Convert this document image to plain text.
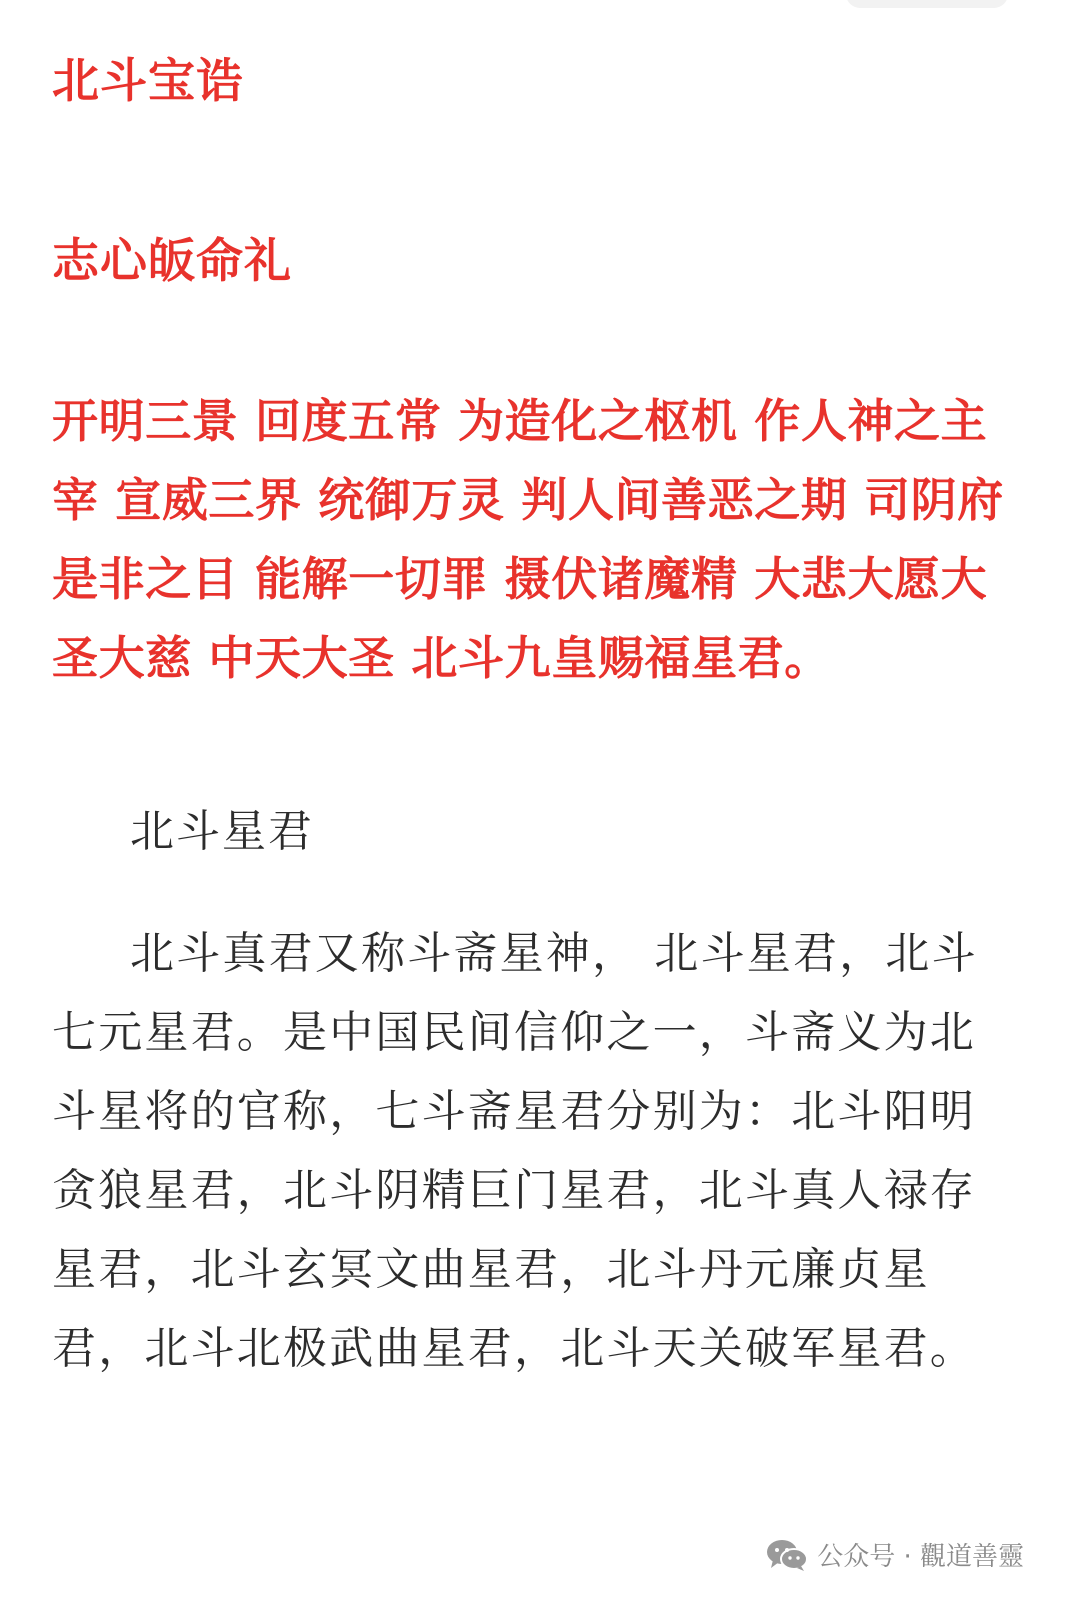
北斗宝诰

志心皈命礼

开明三景 回度五常 为造化之枢机 作人神之主宰 宣威三界 统御万灵 判人间善恶之期 司阴府是非之目 能解一切罪 摄伏诸魔精 大悲大愿大圣大慈 中天大圣 北斗九皇赐福星君。

北斗星君

北斗真君又称斗斋星神， 北斗星君，北斗七元星君。是中国民间信仰之一，斗斋义为北斗星将的官称，七斗斋星君分别为：北斗阳明贪狼星君，北斗阴精巨门星君，北斗真人禄存星君，北斗玄冥文曲星君，北斗丹元廉贞星君，北斗北极武曲星君，北斗天关破军星君。

公众号 · 觀道善靈
